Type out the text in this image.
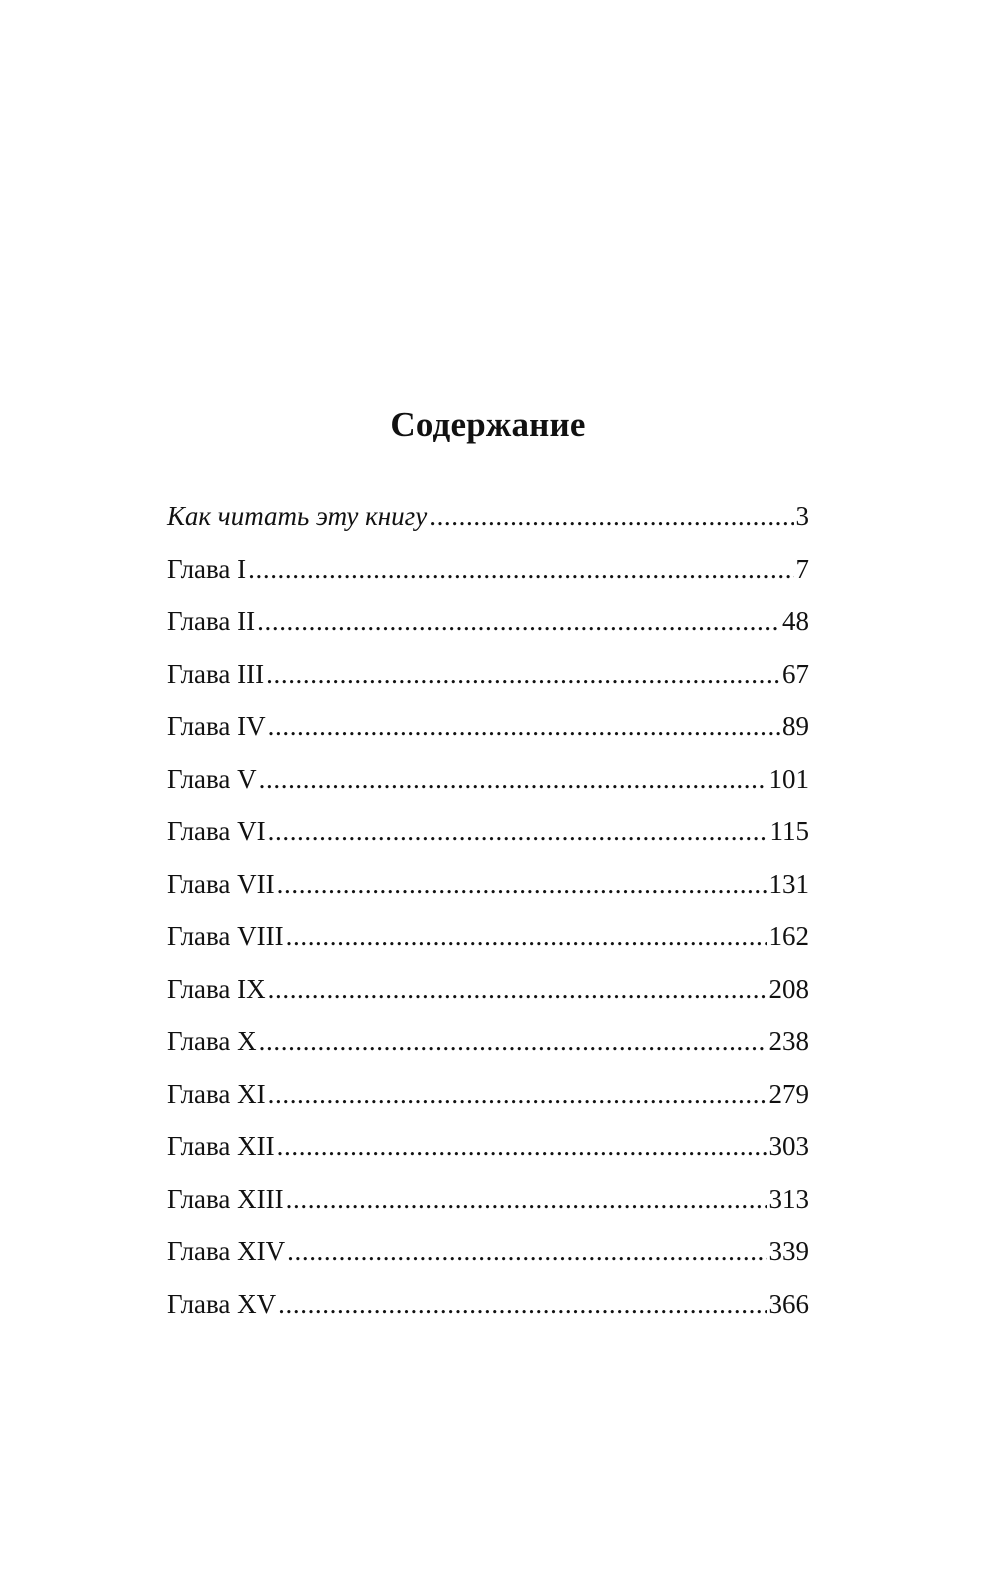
Содержание
Как читать эту книгу .....	3
Глава I .....	7
Глава II .....	48
Глава III .....	67
Глава IV .....	89
Глава V .....	101
Глава VI .....	115
Глава VII .....	131
Глава VIII .....	162
Глава IX .....	208
Глава X .....	238
Глава XI .....	279
Глава XII .....	303
Глава XIII .....	313
Глава XIV .....	339
Глава XV .....	366
